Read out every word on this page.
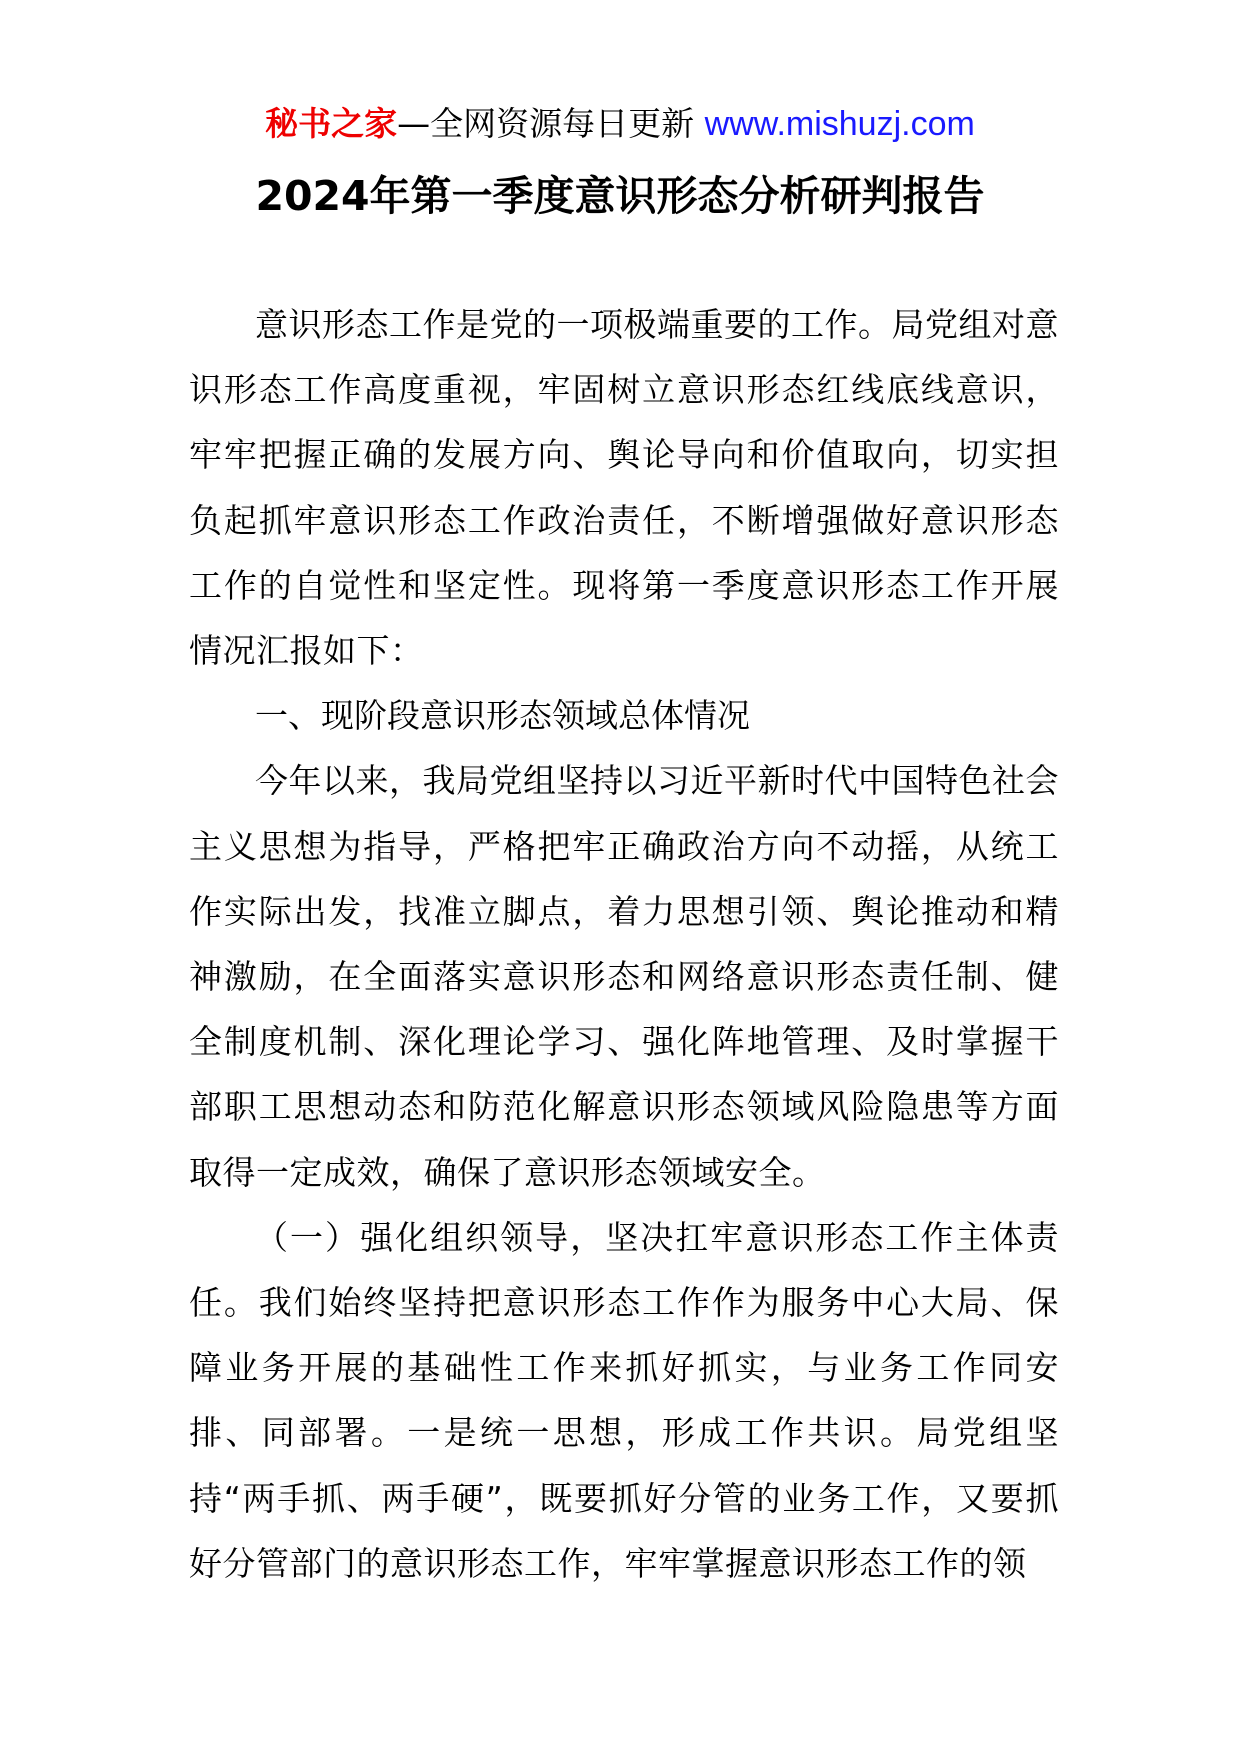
秘书之家—全网资源每日更新 www.mishuzj.com
2024年第一季度意识形态分析研判报告

意识形态工作是党的一项极端重要的工作。局党组对意识形态工作高度重视，牢固树立意识形态红线底线意识，牢牢把握正确的发展方向、舆论导向和价值取向，切实担负起抓牢意识形态工作政治责任，不断增强做好意识形态工作的自觉性和坚定性。现将第一季度意识形态工作开展情况汇报如下：

一、现阶段意识形态领域总体情况

今年以来，我局党组坚持以习近平新时代中国特色社会主义思想为指导，严格把牢正确政治方向不动摇，从统工作实际出发，找准立脚点，着力思想引领、舆论推动和精神激励，在全面落实意识形态和网络意识形态责任制、健全制度机制、深化理论学习、强化阵地管理、及时掌握干部职工思想动态和防范化解意识形态领域风险隐患等方面取得一定成效，确保了意识形态领域安全。

（一）强化组织领导，坚决扛牢意识形态工作主体责任。我们始终坚持把意识形态工作作为服务中心大局、保障业务开展的基础性工作来抓好抓实，与业务工作同安排、同部署。一是统一思想，形成工作共识。局党组坚持“两手抓、两手硬”，既要抓好分管的业务工作，又要抓好分管部门的意识形态工作，牢牢掌握意识形态工作的领
